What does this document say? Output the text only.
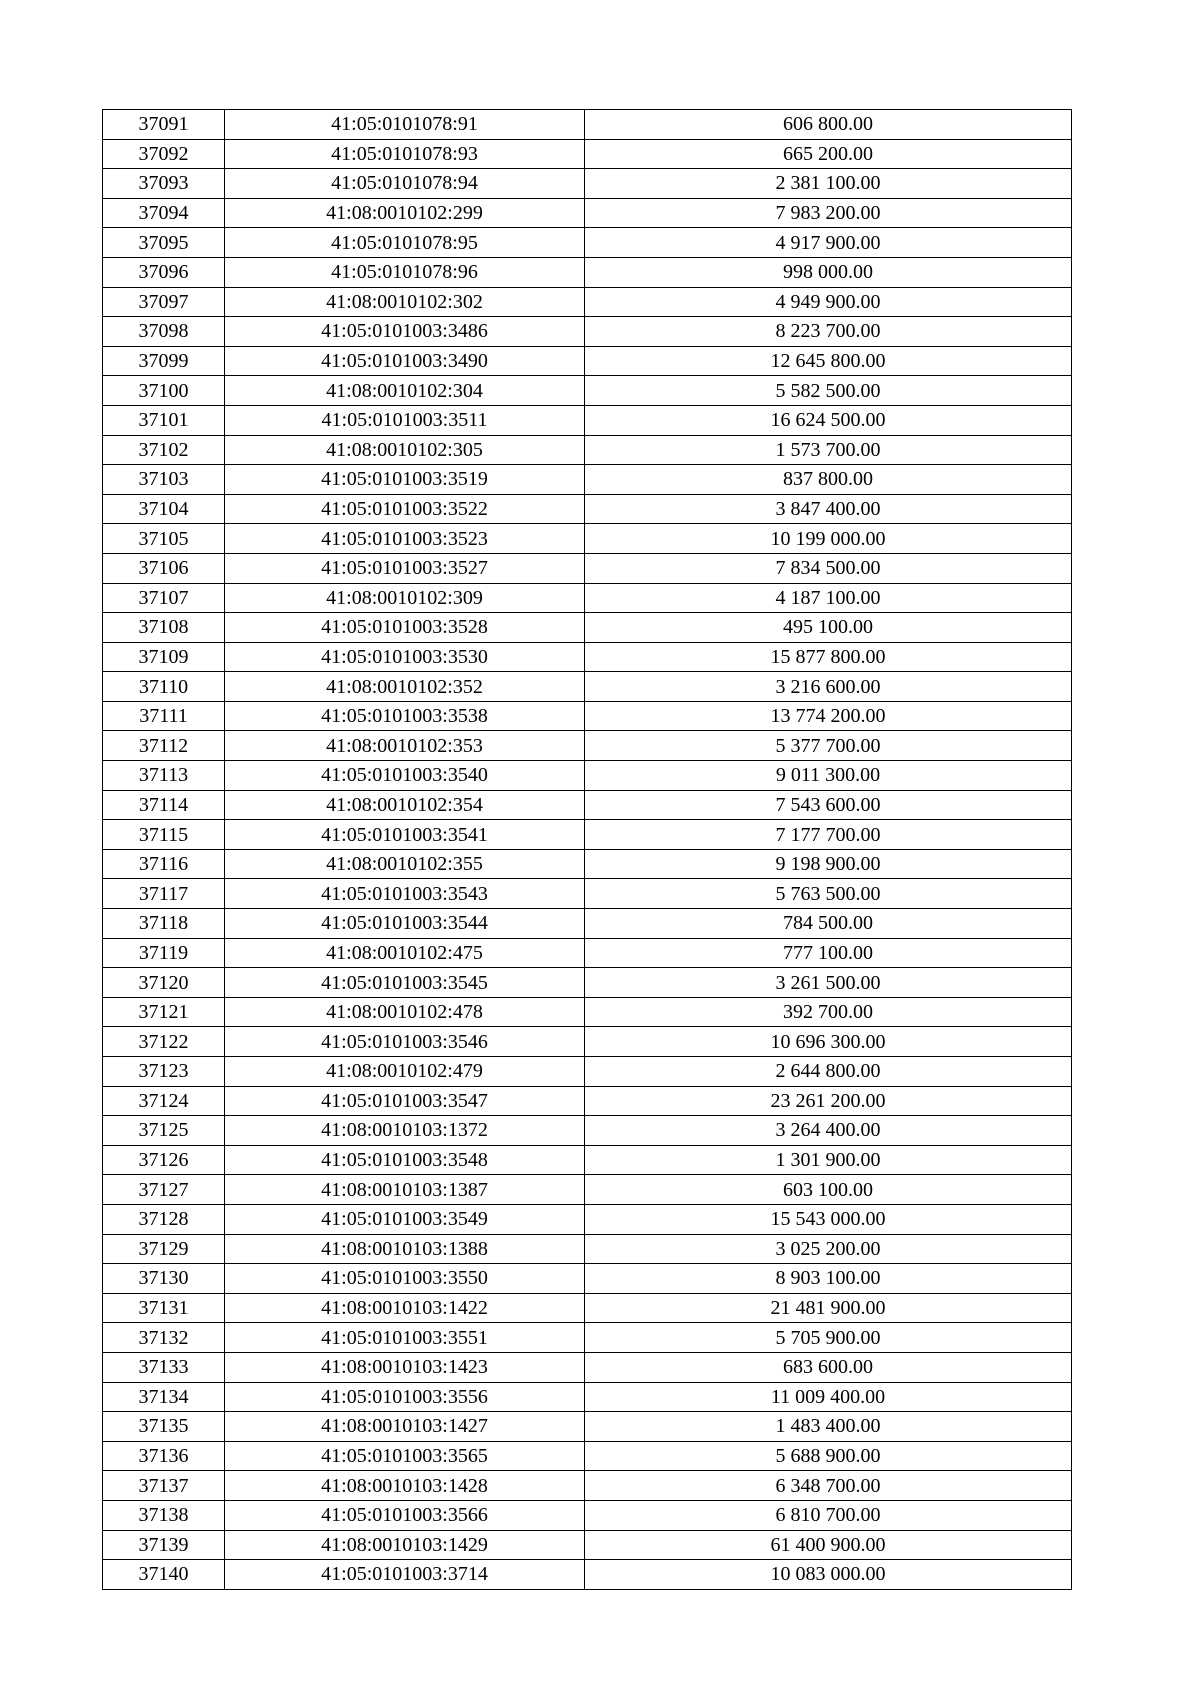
37091	41:05:0101078:91	606 800.00
37092	41:05:0101078:93	665 200.00
37093	41:05:0101078:94	2 381 100.00
37094	41:08:0010102:299	7 983 200.00
37095	41:05:0101078:95	4 917 900.00
37096	41:05:0101078:96	998 000.00
37097	41:08:0010102:302	4 949 900.00
37098	41:05:0101003:3486	8 223 700.00
37099	41:05:0101003:3490	12 645 800.00
37100	41:08:0010102:304	5 582 500.00
37101	41:05:0101003:3511	16 624 500.00
37102	41:08:0010102:305	1 573 700.00
37103	41:05:0101003:3519	837 800.00
37104	41:05:0101003:3522	3 847 400.00
37105	41:05:0101003:3523	10 199 000.00
37106	41:05:0101003:3527	7 834 500.00
37107	41:08:0010102:309	4 187 100.00
37108	41:05:0101003:3528	495 100.00
37109	41:05:0101003:3530	15 877 800.00
37110	41:08:0010102:352	3 216 600.00
37111	41:05:0101003:3538	13 774 200.00
37112	41:08:0010102:353	5 377 700.00
37113	41:05:0101003:3540	9 011 300.00
37114	41:08:0010102:354	7 543 600.00
37115	41:05:0101003:3541	7 177 700.00
37116	41:08:0010102:355	9 198 900.00
37117	41:05:0101003:3543	5 763 500.00
37118	41:05:0101003:3544	784 500.00
37119	41:08:0010102:475	777 100.00
37120	41:05:0101003:3545	3 261 500.00
37121	41:08:0010102:478	392 700.00
37122	41:05:0101003:3546	10 696 300.00
37123	41:08:0010102:479	2 644 800.00
37124	41:05:0101003:3547	23 261 200.00
37125	41:08:0010103:1372	3 264 400.00
37126	41:05:0101003:3548	1 301 900.00
37127	41:08:0010103:1387	603 100.00
37128	41:05:0101003:3549	15 543 000.00
37129	41:08:0010103:1388	3 025 200.00
37130	41:05:0101003:3550	8 903 100.00
37131	41:08:0010103:1422	21 481 900.00
37132	41:05:0101003:3551	5 705 900.00
37133	41:08:0010103:1423	683 600.00
37134	41:05:0101003:3556	11 009 400.00
37135	41:08:0010103:1427	1 483 400.00
37136	41:05:0101003:3565	5 688 900.00
37137	41:08:0010103:1428	6 348 700.00
37138	41:05:0101003:3566	6 810 700.00
37139	41:08:0010103:1429	61 400 900.00
37140	41:05:0101003:3714	10 083 000.00
